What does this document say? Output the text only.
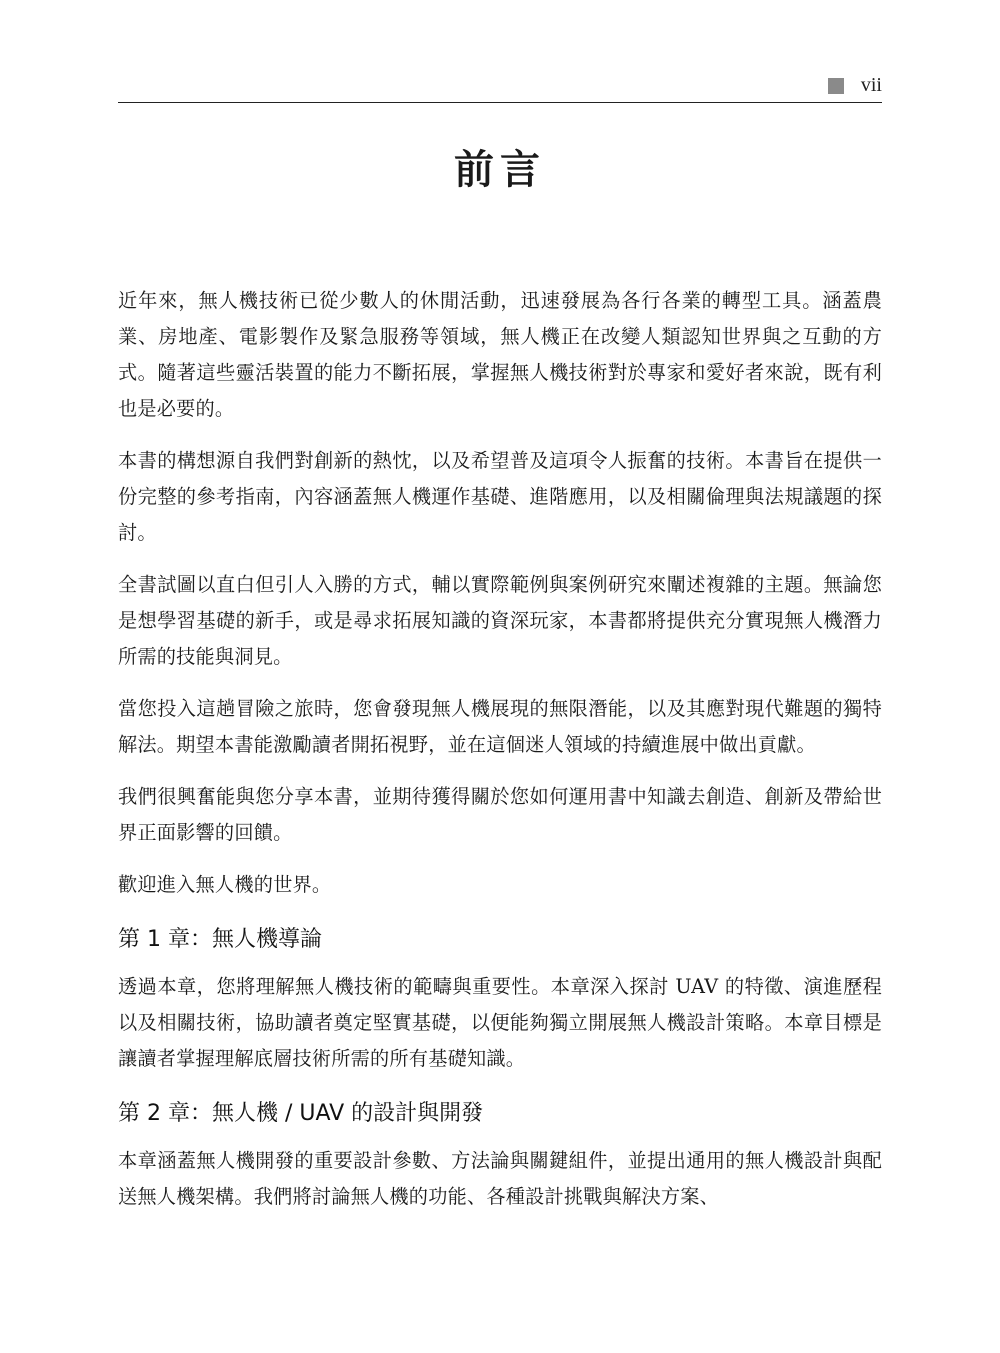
vii
前言

近年來，無人機技術已從少數人的休閒活動，迅速發展為各行各業的轉型工具。涵蓋農業、房地產、電影製作及緊急服務等領域，無人機正在改變人類認知世界與之互動的方式。隨著這些靈活裝置的能力不斷拓展，掌握無人機技術對於專家和愛好者來說，既有利也是必要的。

本書的構想源自我們對創新的熱忱，以及希望普及這項令人振奮的技術。本書旨在提供一份完整的參考指南，內容涵蓋無人機運作基礎、進階應用，以及相關倫理與法規議題的探討。

全書試圖以直白但引人入勝的方式，輔以實際範例與案例研究來闡述複雜的主題。無論您是想學習基礎的新手，或是尋求拓展知識的資深玩家，本書都將提供充分實現無人機潛力所需的技能與洞見。

當您投入這趟冒險之旅時，您會發現無人機展現的無限潛能，以及其應對現代難題的獨特解法。期望本書能激勵讀者開拓視野，並在這個迷人領域的持續進展中做出貢獻。

我們很興奮能與您分享本書，並期待獲得關於您如何運用書中知識去創造、創新及帶給世界正面影響的回饋。

歡迎進入無人機的世界。

第 1 章：無人機導論

透過本章，您將理解無人機技術的範疇與重要性。本章深入探討 UAV 的特徵、演進歷程以及相關技術，協助讀者奠定堅實基礎，以便能夠獨立開展無人機設計策略。本章目標是讓讀者掌握理解底層技術所需的所有基礎知識。

第 2 章：無人機 / UAV 的設計與開發

本章涵蓋無人機開發的重要設計參數、方法論與關鍵組件，並提出通用的無人機設計與配送無人機架構。我們將討論無人機的功能、各種設計挑戰與解決方案、
